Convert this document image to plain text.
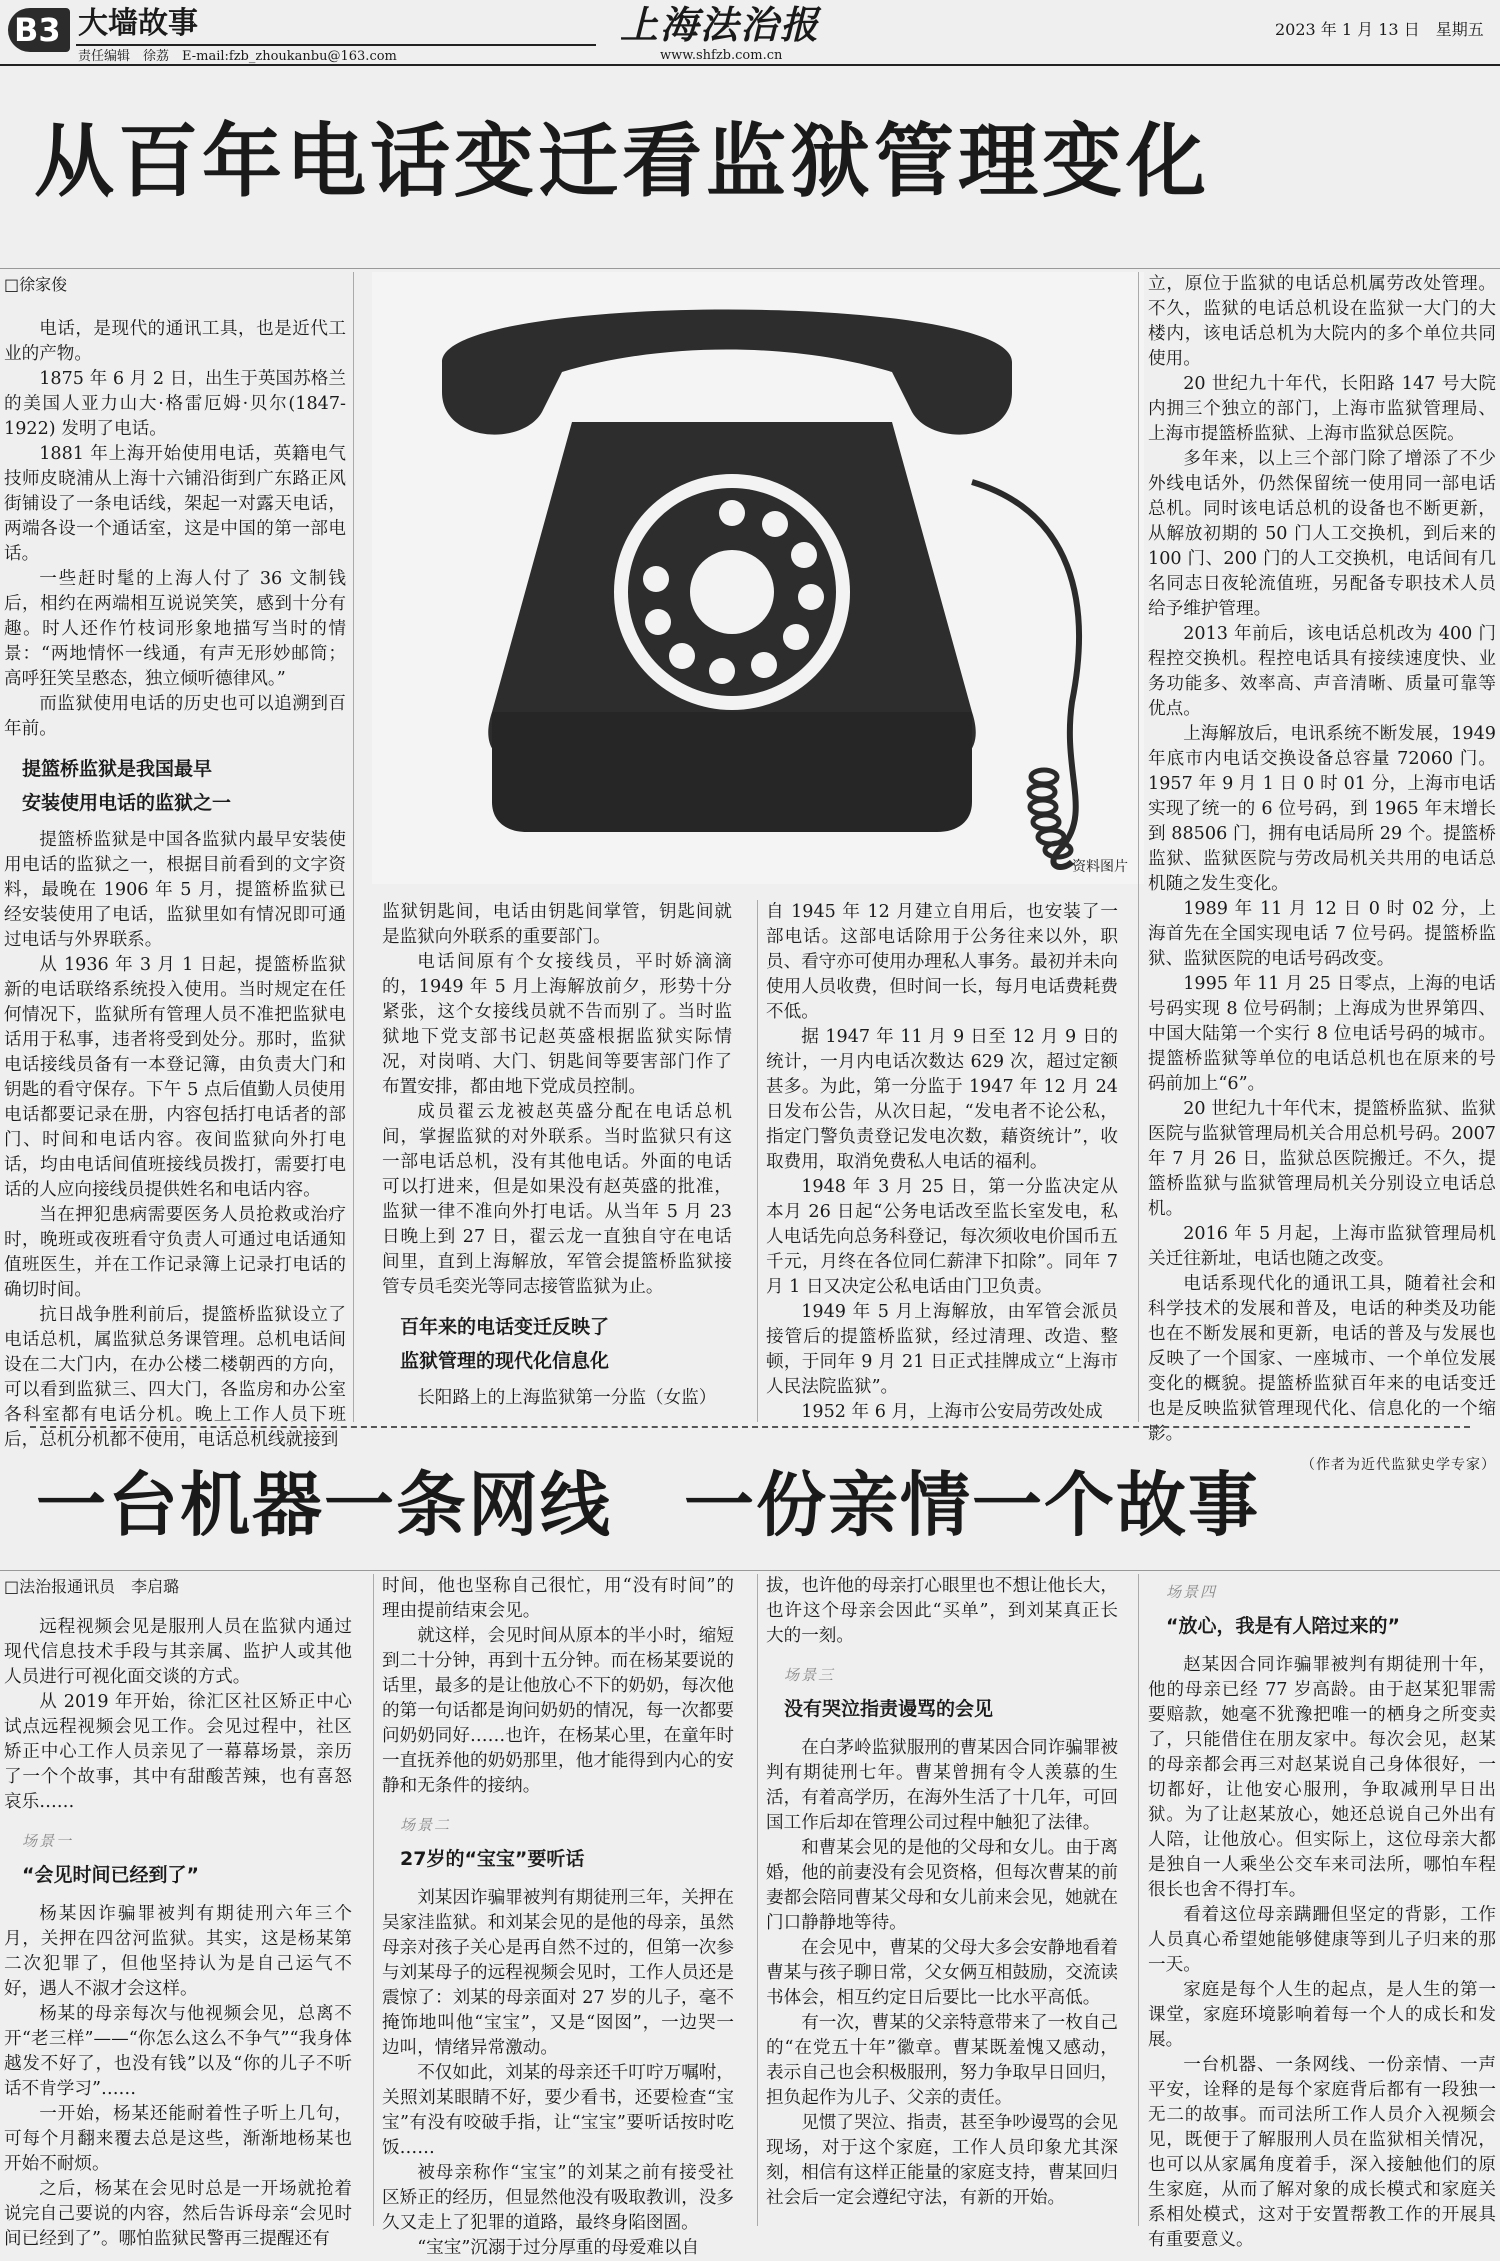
B3 大墙故事
责任编辑　徐荔　E-mail:fzb_zhoukanbu@163.com
上海法治报
www.shfzb.com.cn
2023 年 1 月 13 日　星期五
从百年电话变迁看监狱管理变化

□徐家俊

电话，是现代的通讯工具，也是近代工业的产物。

1875 年 6 月 2 日，出生于英国苏格兰的美国人亚力山大·格雷厄姆·贝尔(1847-1922) 发明了电话。

1881 年上海开始使用电话，英籍电气技师皮晓浦从上海十六铺沿街到广东路正风街铺设了一条电话线，架起一对露天电话，两端各设一个通话室，这是中国的第一部电话。

一些赶时髦的上海人付了 36 文制钱后，相约在两端相互说说笑笑，感到十分有趣。时人还作竹枝词形象地描写当时的情景：“两地情怀一线通，有声无形妙邮筒；高呼狂笑呈憨态，独立倾听德律风。”

而监狱使用电话的历史也可以追溯到百年前。

提篮桥监狱是我国最早
安装使用电话的监狱之一

提篮桥监狱是中国各监狱内最早安装使用电话的监狱之一，根据目前看到的文字资料，最晚在 1906 年 5 月，提篮桥监狱已经安装使用了电话，监狱里如有情况即可通过电话与外界联系。

从 1936 年 3 月 1 日起，提篮桥监狱新的电话联络系统投入使用。当时规定在任何情况下，监狱所有管理人员不准把监狱电话用于私事，违者将受到处分。那时，监狱电话接线员备有一本登记簿，由负责大门和钥匙的看守保存。下午 5 点后值勤人员使用电话都要记录在册，内容包括打电话者的部门、时间和电话内容。夜间监狱向外打电话，均由电话间值班接线员拨打，需要打电话的人应向接线员提供姓名和电话内容。

当在押犯患病需要医务人员抢救或治疗时，晚班或夜班看守负责人可通过电话通知值班医生，并在工作记录簿上记录打电话的确切时间。

抗日战争胜利前后，提篮桥监狱设立了电话总机，属监狱总务课管理。总机电话间设在二大门内，在办公楼二楼朝西的方向，可以看到监狱三、四大门，各监房和办公室各科室都有电话分机。晚上工作人员下班后，总机分机都不使用，电话总机线就接到

资料图片

监狱钥匙间，电话由钥匙间掌管，钥匙间就是监狱向外联系的重要部门。

电话间原有个女接线员，平时娇滴滴的，1949 年 5 月上海解放前夕，形势十分紧张，这个女接线员就不告而别了。当时监狱地下党支部书记赵英盛根据监狱实际情况，对岗哨、大门、钥匙间等要害部门作了布置安排，都由地下党成员控制。

成员翟云龙被赵英盛分配在电话总机间，掌握监狱的对外联系。当时监狱只有这一部电话总机，没有其他电话。外面的电话可以打进来，但是如果没有赵英盛的批准，监狱一律不准向外打电话。从当年 5 月 23 日晚上到 27 日，翟云龙一直独自守在电话间里，直到上海解放，军管会提篮桥监狱接管专员毛奕光等同志接管监狱为止。

百年来的电话变迁反映了
监狱管理的现代化信息化

长阳路上的上海监狱第一分监（女监）

自 1945 年 12 月建立自用后，也安装了一部电话。这部电话除用于公务往来以外，职员、看守亦可使用办理私人事务。最初并未向使用人员收费，但时间一长，每月电话费耗费不低。

据 1947 年 11 月 9 日至 12 月 9 日的统计，一月内电话次数达 629 次，超过定额甚多。为此，第一分监于 1947 年 12 月 24 日发布公告，从次日起，“发电者不论公私，指定门警负责登记发电次数，藉资统计”，收取费用，取消免费私人电话的福利。

1948 年 3 月 25 日，第一分监决定从本月 26 日起“公务电话改至监长室发电，私人电话先向总务科登记，每次须收电价国币五千元，月终在各位同仁薪津下扣除”。同年 7 月 1 日又决定公私电话由门卫负责。

1949 年 5 月上海解放，由军管会派员接管后的提篮桥监狱，经过清理、改造、整顿，于同年 9 月 21 日正式挂牌成立“上海市人民法院监狱”。

1952 年 6 月，上海市公安局劳改处成

立，原位于监狱的电话总机属劳改处管理。不久，监狱的电话总机设在监狱一大门的大楼内，该电话总机为大院内的多个单位共同使用。

20 世纪九十年代，长阳路 147 号大院内拥三个独立的部门，上海市监狱管理局、上海市提篮桥监狱、上海市监狱总医院。

多年来，以上三个部门除了增添了不少外线电话外，仍然保留统一使用同一部电话总机。同时该电话总机的设备也不断更新，从解放初期的 50 门人工交换机，到后来的 100 门、200 门的人工交换机，电话间有几名同志日夜轮流值班，另配备专职技术人员给予维护管理。

2013 年前后，该电话总机改为 400 门程控交换机。程控电话具有接续速度快、业务功能多、效率高、声音清晰、质量可靠等优点。

上海解放后，电讯系统不断发展，1949 年底市内电话交换设备总容量 72060 门。1957 年 9 月 1 日 0 时 01 分，上海市电话实现了统一的 6 位号码，到 1965 年末增长到 88506 门，拥有电话局所 29 个。提篮桥监狱、监狱医院与劳改局机关共用的电话总机随之发生变化。

1989 年 11 月 12 日 0 时 02 分，上海首先在全国实现电话 7 位号码。提篮桥监狱、监狱医院的电话号码改变。

1995 年 11 月 25 日零点，上海的电话号码实现 8 位号码制；上海成为世界第四、中国大陆第一个实行 8 位电话号码的城市。提篮桥监狱等单位的电话总机也在原来的号码前加上“6”。

20 世纪九十年代末，提篮桥监狱、监狱医院与监狱管理局机关合用总机号码。2007 年 7 月 26 日，监狱总医院搬迁。不久，提篮桥监狱与监狱管理局机关分别设立电话总机。

2016 年 5 月起，上海市监狱管理局机关迁往新址，电话也随之改变。

电话系现代化的通讯工具，随着社会和科学技术的发展和普及，电话的种类及功能也在不断发展和更新，电话的普及与发展也反映了一个国家、一座城市、一个单位发展变化的概貌。提篮桥监狱百年来的电话变迁也是反映监狱管理现代化、信息化的一个缩影。

（作者为近代监狱史学专家）

一台机器一条网线　一份亲情一个故事

□法治报通讯员　李启璐

远程视频会见是服刑人员在监狱内通过现代信息技术手段与其亲属、监护人或其他人员进行可视化面交谈的方式。

从 2019 年开始，徐汇区社区矫正中心试点远程视频会见工作。会见过程中，社区矫正中心工作人员亲见了一幕幕场景，亲历了一个个故事，其中有甜酸苦辣，也有喜怒哀乐……

场景一
“会见时间已经到了”

杨某因诈骗罪被判有期徒刑六年三个月，关押在四岔河监狱。其实，这是杨某第二次犯罪了，但他坚持认为是自己运气不好，遇人不淑才会这样。

杨某的母亲每次与他视频会见，总离不开“老三样”——“你怎么这么不争气”“我身体越发不好了，也没有钱”以及“你的儿子不听话不肯学习”……

一开始，杨某还能耐着性子听上几句，可每个月翻来覆去总是这些，渐渐地杨某也开始不耐烦。

之后，杨某在会见时总是一开场就抢着说完自己要说的内容，然后告诉母亲“会见时间已经到了”。哪怕监狱民警再三提醒还有

时间，他也坚称自己很忙，用“没有时间”的理由提前结束会见。

就这样，会见时间从原本的半小时，缩短到二十分钟，再到十五分钟。而在杨某要说的话里，最多的是让他放心不下的奶奶，每次他的第一句话都是询问奶奶的情况，每一次都要问奶奶同好……也许，在杨某心里，在童年时一直抚养他的奶奶那里，他才能得到内心的安静和无条件的接纳。

场景二
27岁的“宝宝”要听话

刘某因诈骗罪被判有期徒刑三年，关押在吴家洼监狱。和刘某会见的是他的母亲，虽然母亲对孩子关心是再自然不过的，但第一次参与刘某母子的远程视频会见时，工作人员还是震惊了：刘某的母亲面对 27 岁的儿子，毫不掩饰地叫他“宝宝”，又是“囡囡”，一边哭一边叫，情绪异常激动。

不仅如此，刘某的母亲还千叮咛万嘱咐，关照刘某眼睛不好，要少看书，还要检查“宝宝”有没有咬破手指，让“宝宝”要听话按时吃饭……

被母亲称作“宝宝”的刘某之前有接受社区矫正的经历，但显然他没有吸取教训，没多久又走上了犯罪的道路，最终身陷囹圄。

“宝宝”沉溺于过分厚重的母爱难以自

拔，也许他的母亲打心眼里也不想让他长大，也许这个母亲会因此“买单”，到刘某真正长大的一刻。

场景三
没有哭泣指责谩骂的会见

在白茅岭监狱服刑的曹某因合同诈骗罪被判有期徒刑七年。曹某曾拥有令人羡慕的生活，有着高学历，在海外生活了十几年，可回国工作后却在管理公司过程中触犯了法律。

和曹某会见的是他的父母和女儿。由于离婚，他的前妻没有会见资格，但每次曹某的前妻都会陪同曹某父母和女儿前来会见，她就在门口静静地等待。

在会见中，曹某的父母大多会安静地看着曹某与孩子聊日常，父女俩互相鼓励，交流读书体会，相互约定日后要比一比水平高低。

有一次，曹某的父亲特意带来了一枚自己的“在党五十年”徽章。曹某既羞愧又感动，表示自己也会积极服刑，努力争取早日回归，担负起作为儿子、父亲的责任。

见惯了哭泣、指责，甚至争吵谩骂的会见现场，对于这个家庭，工作人员印象尤其深刻，相信有这样正能量的家庭支持，曹某回归社会后一定会遵纪守法，有新的开始。

场景四
“放心，我是有人陪过来的”

赵某因合同诈骗罪被判有期徒刑十年，他的母亲已经 77 岁高龄。由于赵某犯罪需要赔款，她毫不犹豫把唯一的栖身之所变卖了，只能借住在朋友家中。每次会见，赵某的母亲都会再三对赵某说自己身体很好，一切都好，让他安心服刑，争取减刑早日出狱。为了让赵某放心，她还总说自己外出有人陪，让他放心。但实际上，这位母亲大都是独自一人乘坐公交车来司法所，哪怕车程很长也舍不得打车。

看着这位母亲蹒跚但坚定的背影，工作人员真心希望她能够健康等到儿子归来的那一天。

家庭是每个人生的起点，是人生的第一课堂，家庭环境影响着每一个人的成长和发展。

一台机器、一条网线、一份亲情、一声平安，诠释的是每个家庭背后都有一段独一无二的故事。而司法所工作人员介入视频会见，既便于了解服刑人员在监狱相关情况，也可以从家属角度着手，深入接触他们的原生家庭，从而了解对象的成长模式和家庭关系相处模式，这对于安置帮教工作的开展具有重要意义。
